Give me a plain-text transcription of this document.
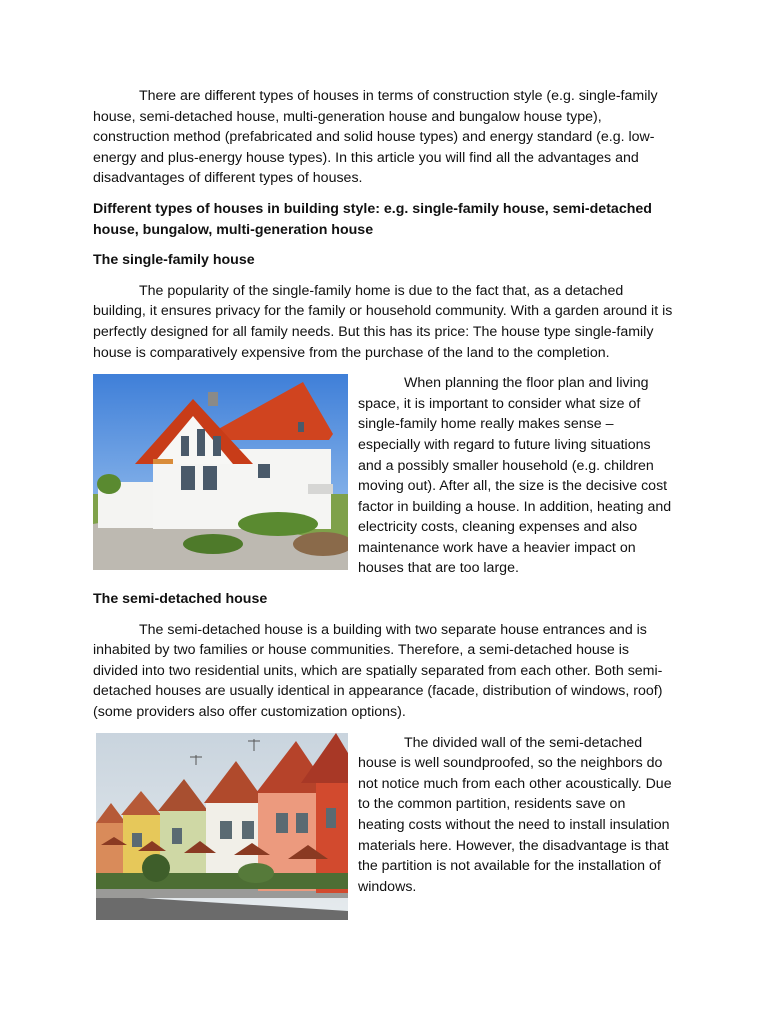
There are different types of houses in terms of construction style (e.g. single-family house, semi-detached house, multi-generation house and bungalow house type), construction method (prefabricated and solid house types) and energy standard (e.g. low-energy and plus-energy house types). In this article you will find all the advantages and disadvantages of different types of houses.

Different types of houses in building style: e.g. single-family house, semi-detached house, bungalow, multi-generation house

The single-family house

The popularity of the single-family home is due to the fact that, as a detached building, it ensures privacy for the family or household community. With a garden around it is perfectly designed for all family needs. But this has its price: The house type single-family house is comparatively expensive from the purchase of the land to the completion.

When planning the floor plan and living space, it is important to consider what size of single-family home really makes sense – especially with regard to future living situations and a possibly smaller household (e.g. children moving out). After all, the size is the decisive cost factor in building a house. In addition, heating and electricity costs, cleaning expenses and also maintenance work have a heavier impact on houses that are too large.

The semi-detached house

The semi-detached house is a building with two separate house entrances and is inhabited by two families or house communities. Therefore, a semi-detached house is divided into two residential units, which are spatially separated from each other. Both semi-detached houses are usually identical in appearance (facade, distribution of windows, roof) (some providers also offer customization options).

The divided wall of the semi-detached house is well soundproofed, so the neighbors do not notice much from each other acoustically. Due to the common partition, residents save on heating costs without the need to install insulation materials here. However, the disadvantage is that the partition is not available for the installation of windows.
